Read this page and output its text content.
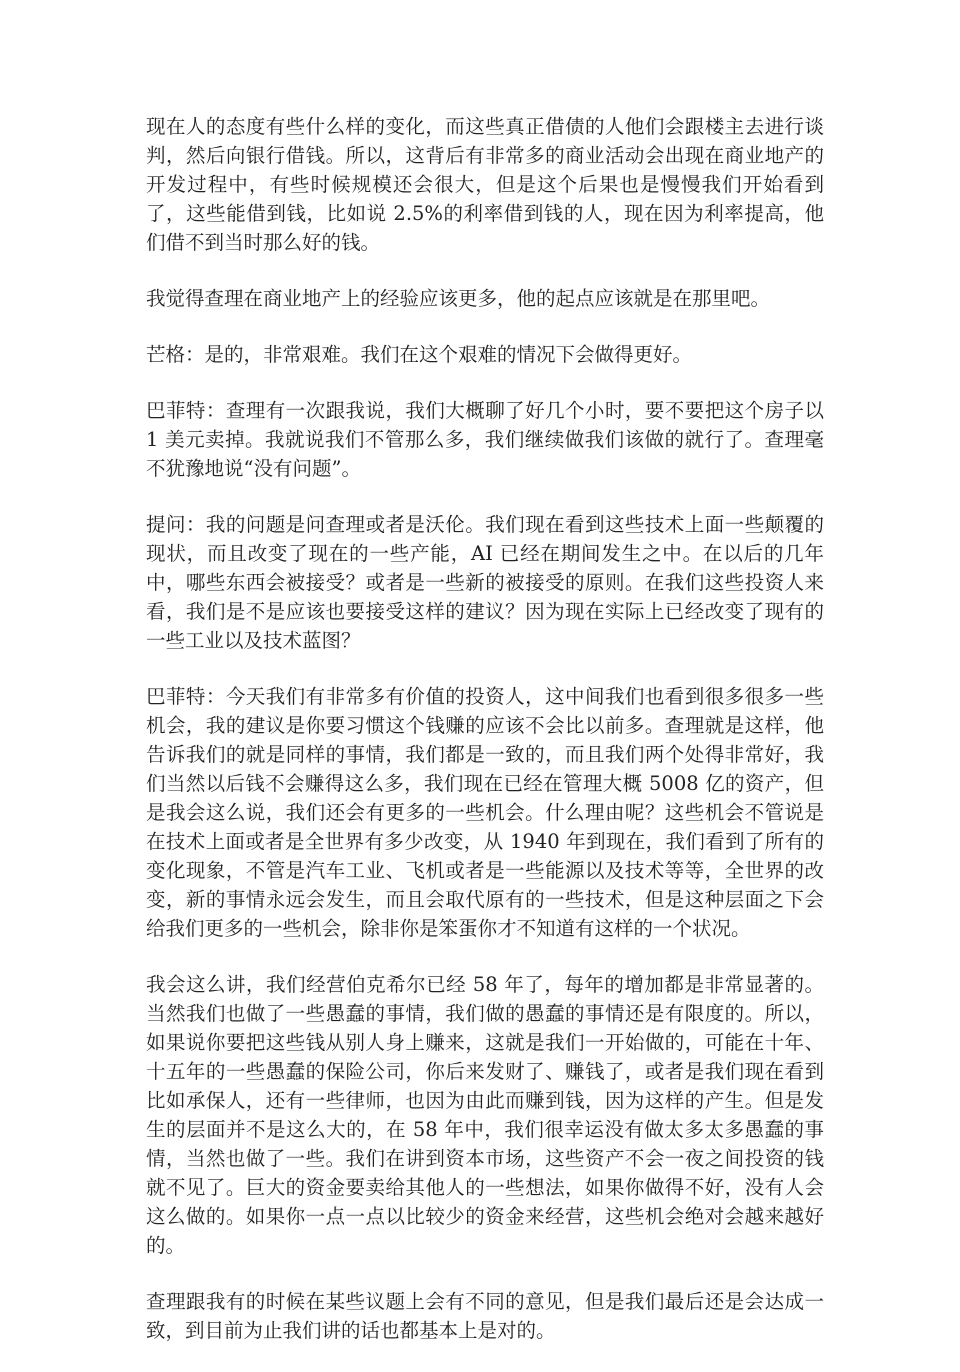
现在人的态度有些什么样的变化，而这些真正借债的人他们会跟楼主去进行谈判，然后向银行借钱。所以，这背后有非常多的商业活动会出现在商业地产的开发过程中，有些时候规模还会很大，但是这个后果也是慢慢我们开始看到了，这些能借到钱，比如说 2.5%的利率借到钱的人，现在因为利率提高，他们借不到当时那么好的钱。

我觉得查理在商业地产上的经验应该更多，他的起点应该就是在那里吧。

芒格：是的，非常艰难。我们在这个艰难的情况下会做得更好。

巴菲特：查理有一次跟我说，我们大概聊了好几个小时，要不要把这个房子以 1 美元卖掉。我就说我们不管那么多，我们继续做我们该做的就行了。查理毫不犹豫地说“没有问题”。

提问：我的问题是问查理或者是沃伦。我们现在看到这些技术上面一些颠覆的现状，而且改变了现在的一些产能，AI 已经在期间发生之中。在以后的几年中，哪些东西会被接受？或者是一些新的被接受的原则。在我们这些投资人来看，我们是不是应该也要接受这样的建议？因为现在实际上已经改变了现有的一些工业以及技术蓝图？

巴菲特：今天我们有非常多有价值的投资人，这中间我们也看到很多很多一些机会，我的建议是你要习惯这个钱赚的应该不会比以前多。查理就是这样，他告诉我们的就是同样的事情，我们都是一致的，而且我们两个处得非常好，我们当然以后钱不会赚得这么多，我们现在已经在管理大概 5008 亿的资产，但是我会这么说，我们还会有更多的一些机会。什么理由呢？这些机会不管说是在技术上面或者是全世界有多少改变，从 1940 年到现在，我们看到了所有的变化现象，不管是汽车工业、飞机或者是一些能源以及技术等等，全世界的改变，新的事情永远会发生，而且会取代原有的一些技术，但是这种层面之下会给我们更多的一些机会，除非你是笨蛋你才不知道有这样的一个状况。

我会这么讲，我们经营伯克希尔已经 58 年了，每年的增加都是非常显著的。当然我们也做了一些愚蠢的事情，我们做的愚蠢的事情还是有限度的。所以，如果说你要把这些钱从别人身上赚来，这就是我们一开始做的，可能在十年、十五年的一些愚蠢的保险公司，你后来发财了、赚钱了，或者是我们现在看到比如承保人，还有一些律师，也因为由此而赚到钱，因为这样的产生。但是发生的层面并不是这么大的，在 58 年中，我们很幸运没有做太多太多愚蠢的事情，当然也做了一些。我们在讲到资本市场，这些资产不会一夜之间投资的钱就不见了。巨大的资金要卖给其他人的一些想法，如果你做得不好，没有人会这么做的。如果你一点一点以比较少的资金来经营，这些机会绝对会越来越好的。

查理跟我有的时候在某些议题上会有不同的意见，但是我们最后还是会达成一致，到目前为止我们讲的话也都基本上是对的。
